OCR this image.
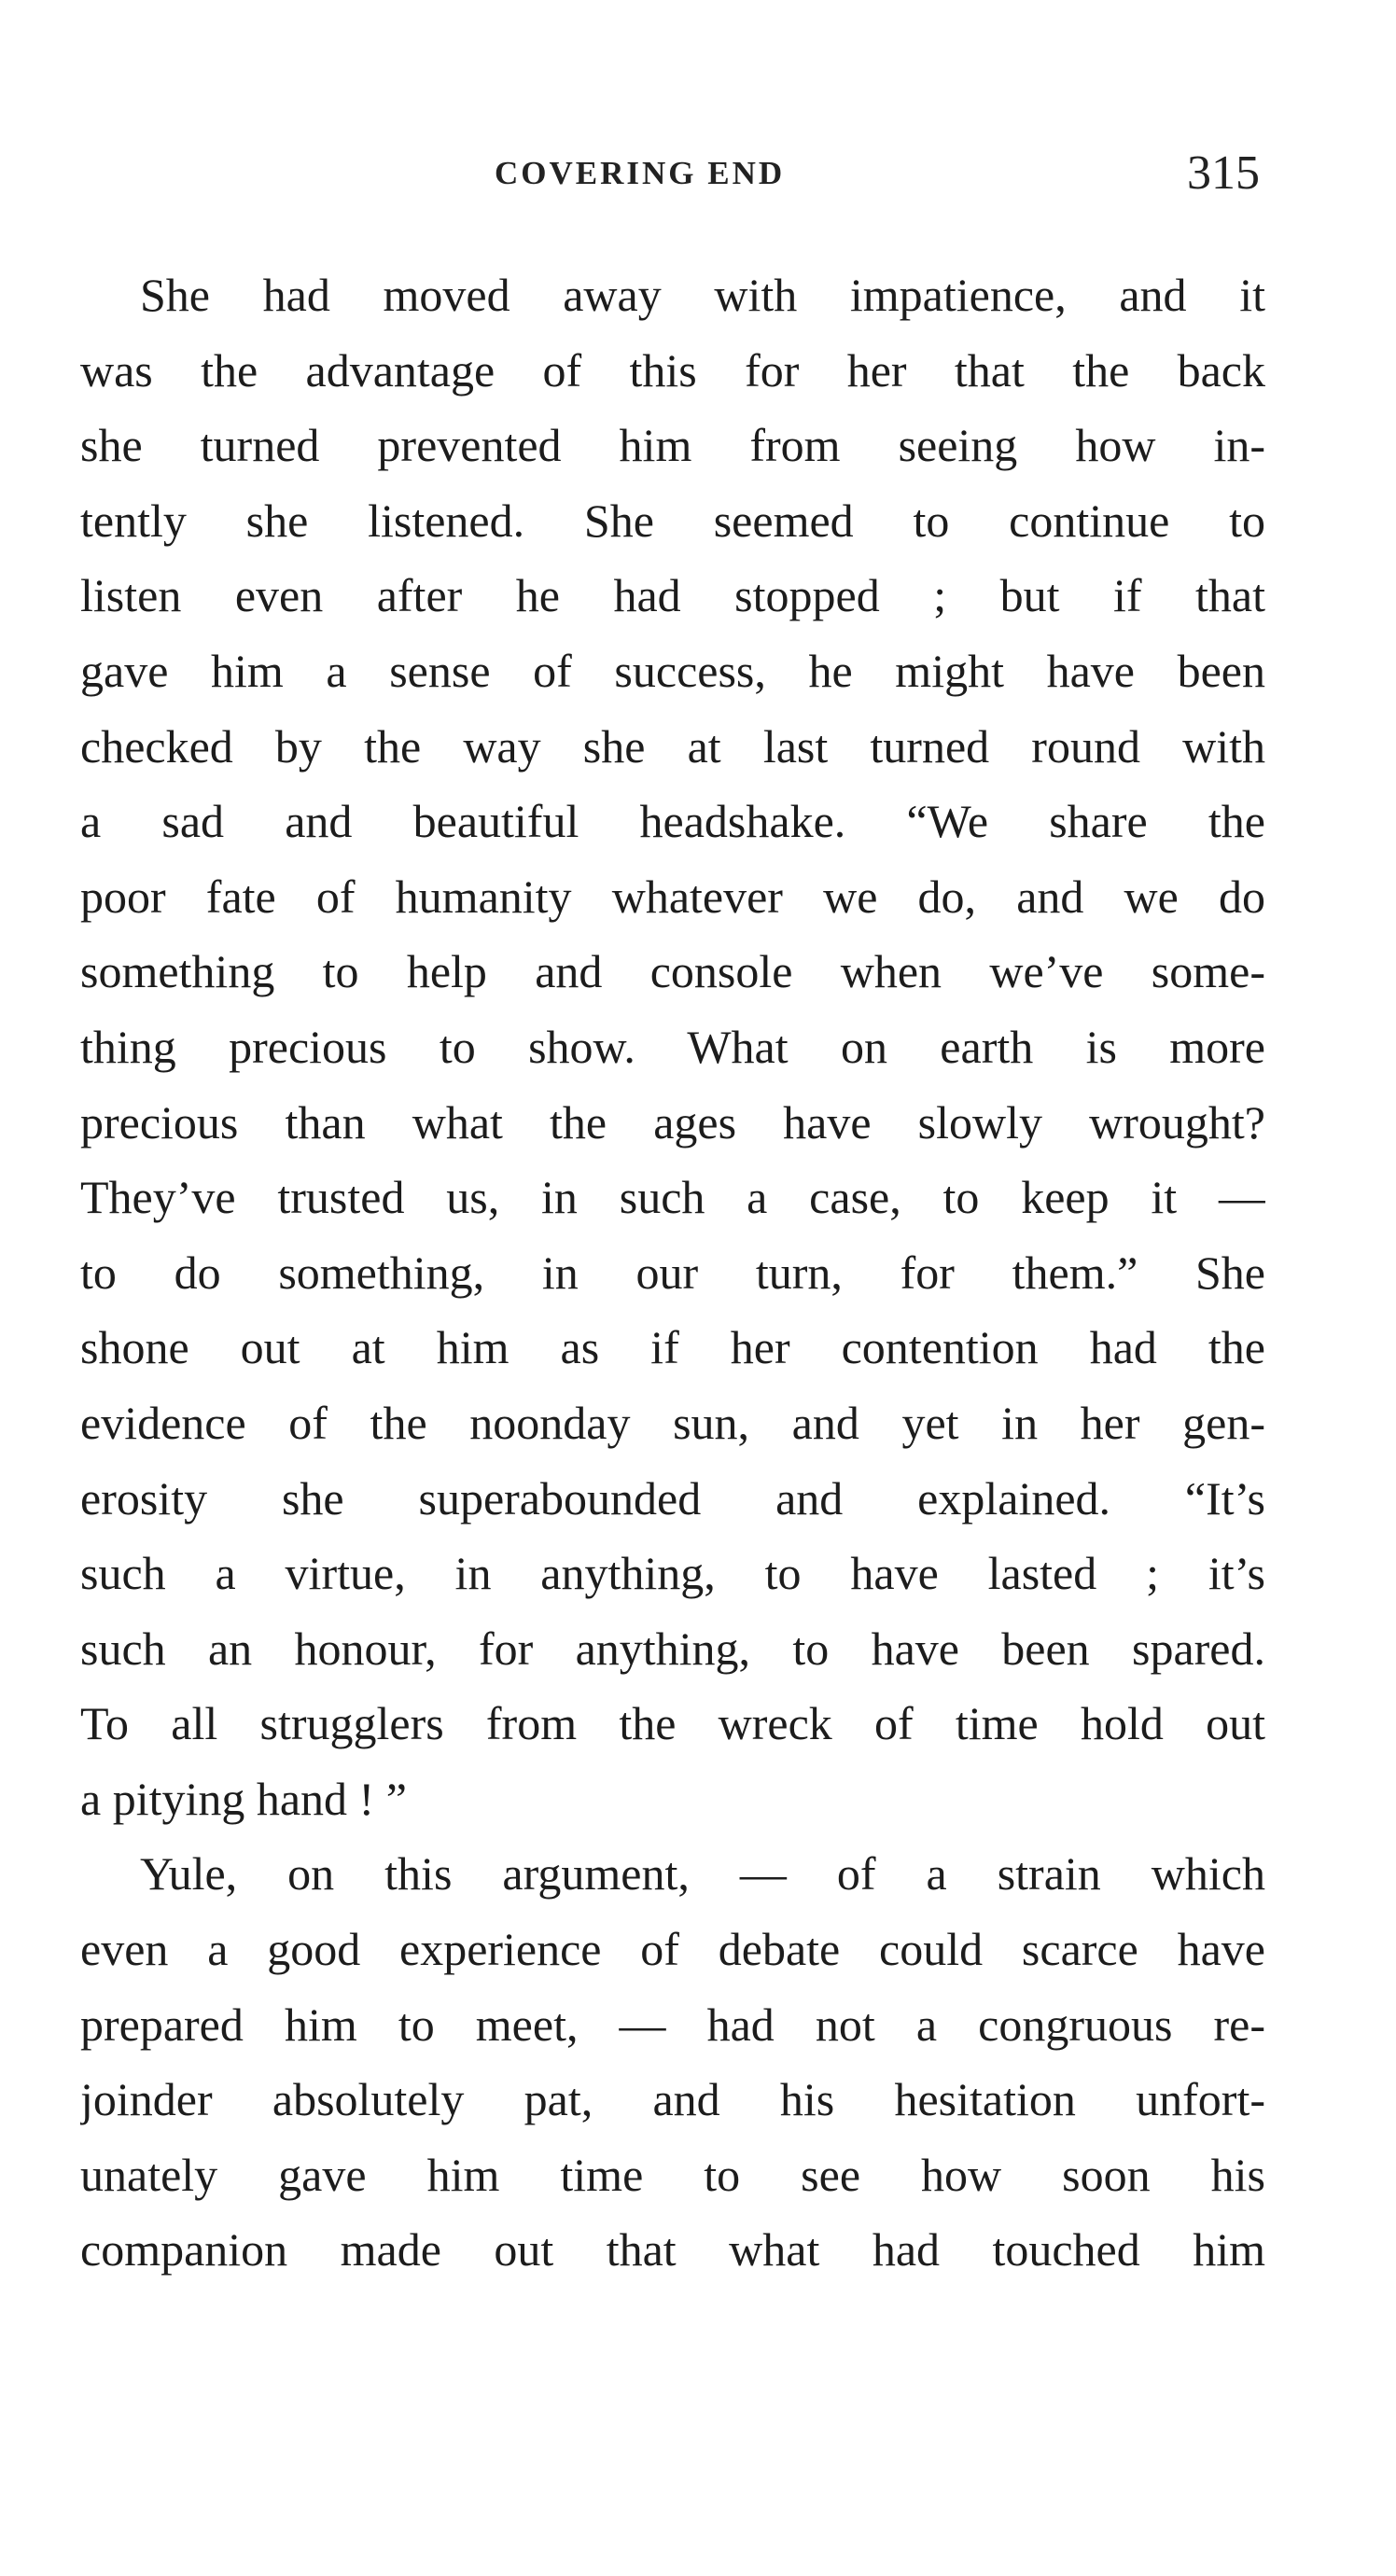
COVERING END	315
She had moved away with impatience, and it
was the advantage of this for her that the back
she turned prevented him from seeing how in-
tently she listened. She seemed to continue to
listen even after he had stopped ; but if that
gave him a sense of success, he might have been
checked by the way she at last turned round with
a sad and beautiful headshake. “We share the
poor fate of humanity whatever we do, and we do
something to help and console when we’ve some-
thing precious to show. What on earth is more
precious than what the ages have slowly wrought?
They’ve trusted us, in such a case, to keep it —
to do something, in our turn, for them.” She
shone out at him as if her contention had the
evidence of the noonday sun, and yet in her gen-
erosity she superabounded and explained. “It’s
such a virtue, in anything, to have lasted ; it’s
such an honour, for anything, to have been spared.
To all strugglers from the wreck of time hold out
a pitying hand ! ”
Yule, on this argument, — of a strain which
even a good experience of debate could scarce have
prepared him to meet, — had not a congruous re-
joinder absolutely pat, and his hesitation unfort-
unately gave him time to see how soon his
companion made out that what had touched him
